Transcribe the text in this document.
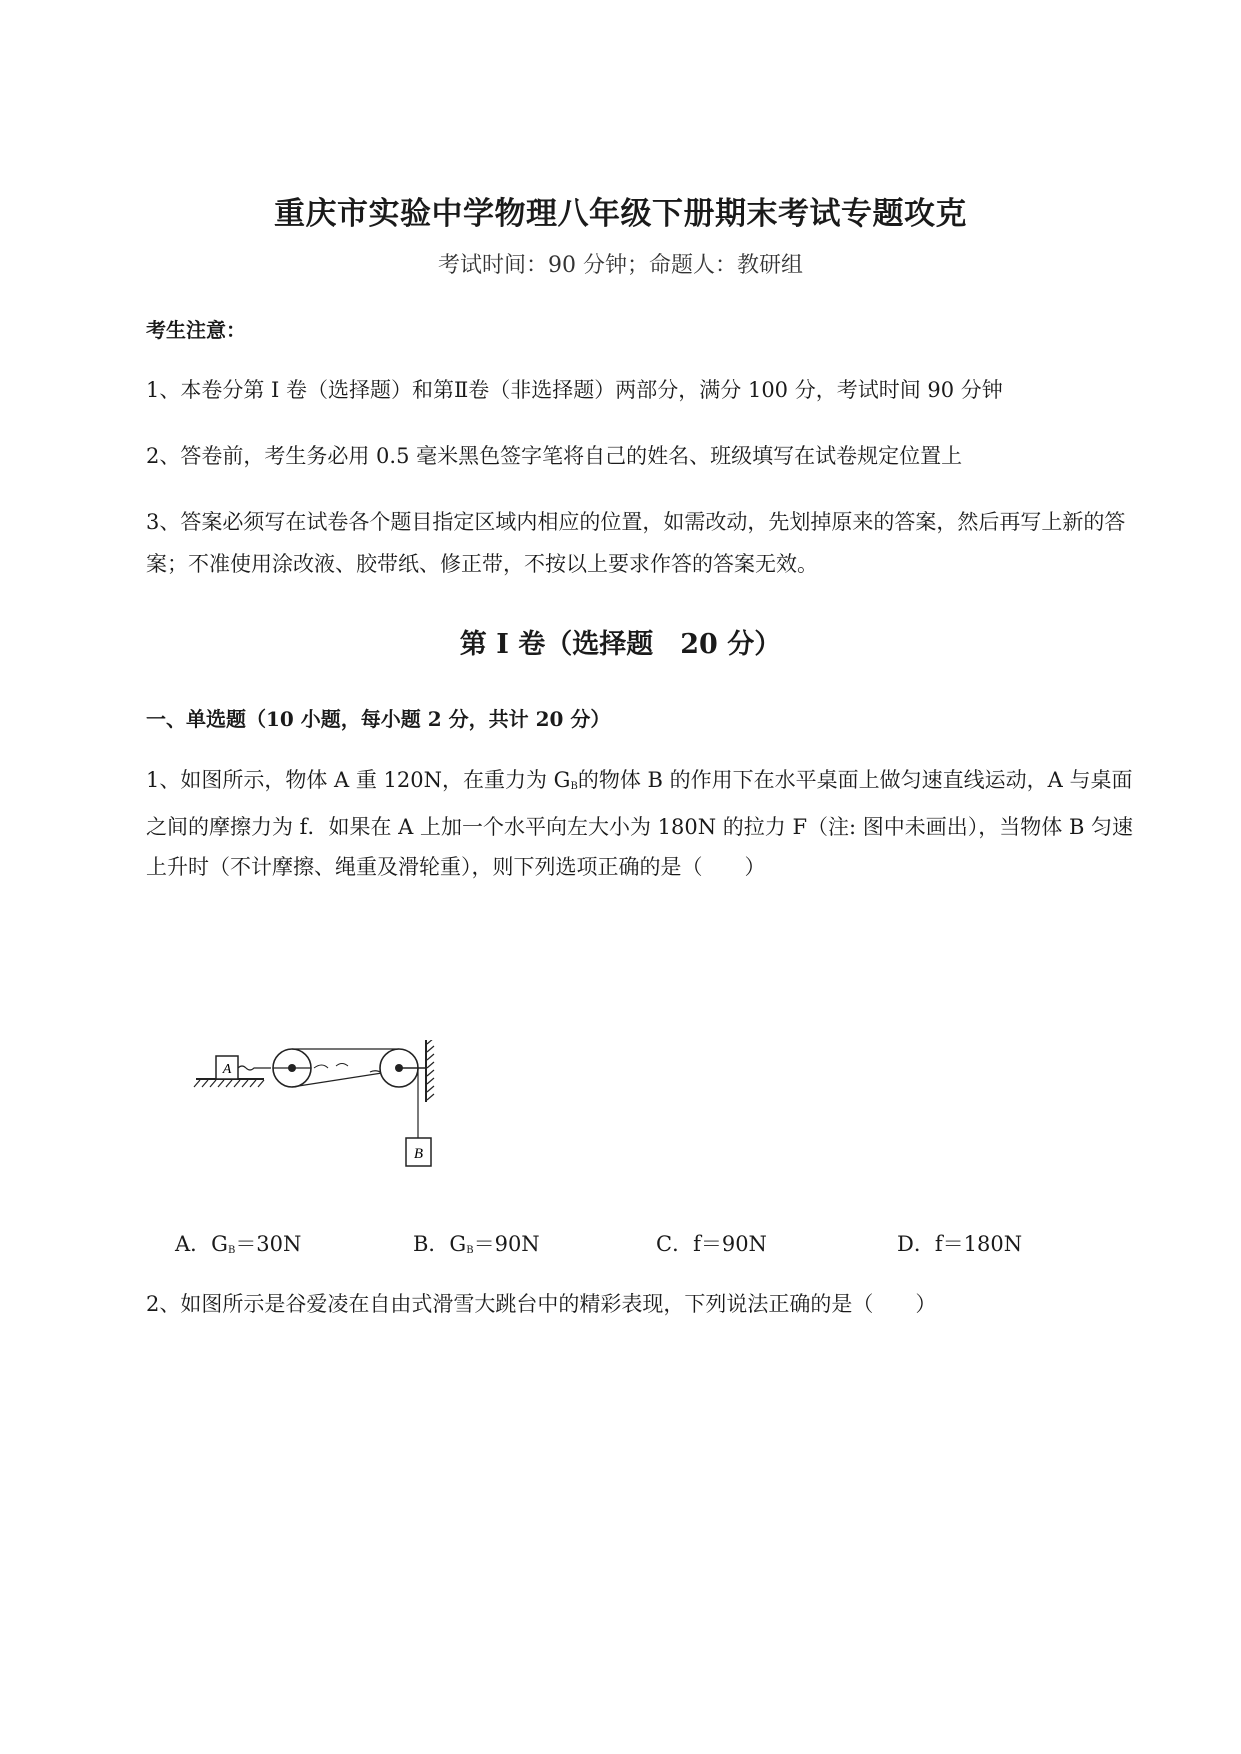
重庆市实验中学物理八年级下册期末考试专题攻克
考试时间：90 分钟；命题人：教研组
考生注意：
1、本卷分第 I 卷（选择题）和第Ⅱ卷（非选择题）两部分，满分 100 分，考试时间 90 分钟
2、答卷前，考生务必用 0.5 毫米黑色签字笔将自己的姓名、班级填写在试卷规定位置上
3、答案必须写在试卷各个题目指定区域内相应的位置，如需改动，先划掉原来的答案，然后再写上新的答案；不准使用涂改液、胶带纸、修正带，不按以上要求作答的答案无效。
第 I 卷（选择题　20 分）
一、单选题（10 小题，每小题 2 分，共计 20 分）
1、如图所示，物体 A 重 120N，在重力为 $G_B$的物体 B 的作用下在水平桌面上做匀速直线运动，A 与桌面之间的摩擦力为 f．如果在 A 上加一个水平向左大小为 180N 的拉力 F（注: 图中未画出），当物体 B 匀速上升时（不计摩擦、绳重及滑轮重），则下列选项正确的是（　　）
A
B
A．$G_B=30N$	B．$G_B=90N$	C．f＝90N	D．f＝180N
2、如图所示是谷爱凌在自由式滑雪大跳台中的精彩表现，下列说法正确的是（　　）
